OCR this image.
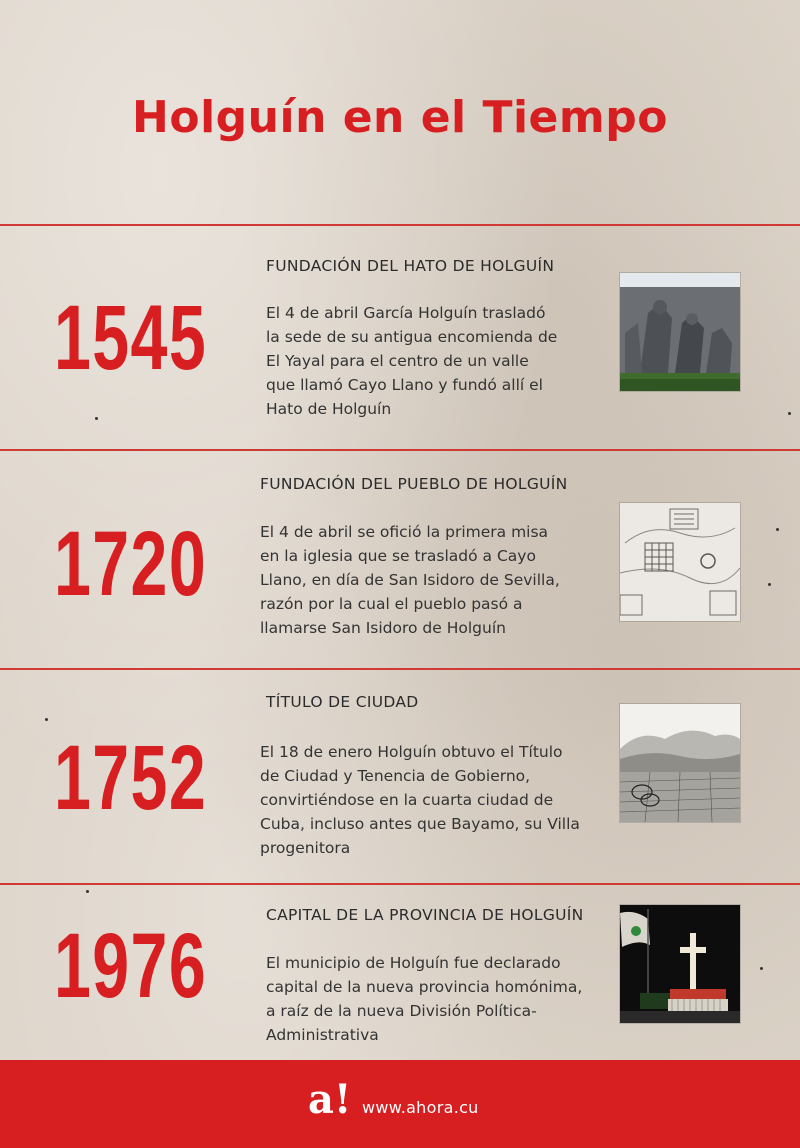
Holguín en el Tiempo
1545
FUNDACIÓN DEL HATO DE HOLGUÍN
El 4 de abril García Holguín trasladó
la sede de su antigua encomienda de
El Yayal para el centro de un valle
que llamó Cayo Llano y fundó allí el
Hato de Holguín
1720
FUNDACIÓN DEL PUEBLO DE HOLGUÍN
El 4 de abril se ofició la primera misa
en la iglesia que se trasladó a Cayo
Llano, en día de San Isidoro de Sevilla,
razón por la cual el pueblo pasó a
llamarse San Isidoro de Holguín
1752
TÍTULO DE CIUDAD
El 18 de enero Holguín obtuvo el Título
de Ciudad y Tenencia de Gobierno,
convirtiéndose en la cuarta ciudad de
Cuba, incluso antes que Bayamo, su Villa
progenitora
1976	CAPITAL DE LA PROVINCIA DE HOLGUÍN
El municipio de Holguín fue declarado
capital de la nueva provincia homónima,
a raíz de la nueva División Política-
Administrativa
a! www.ahora.cu
